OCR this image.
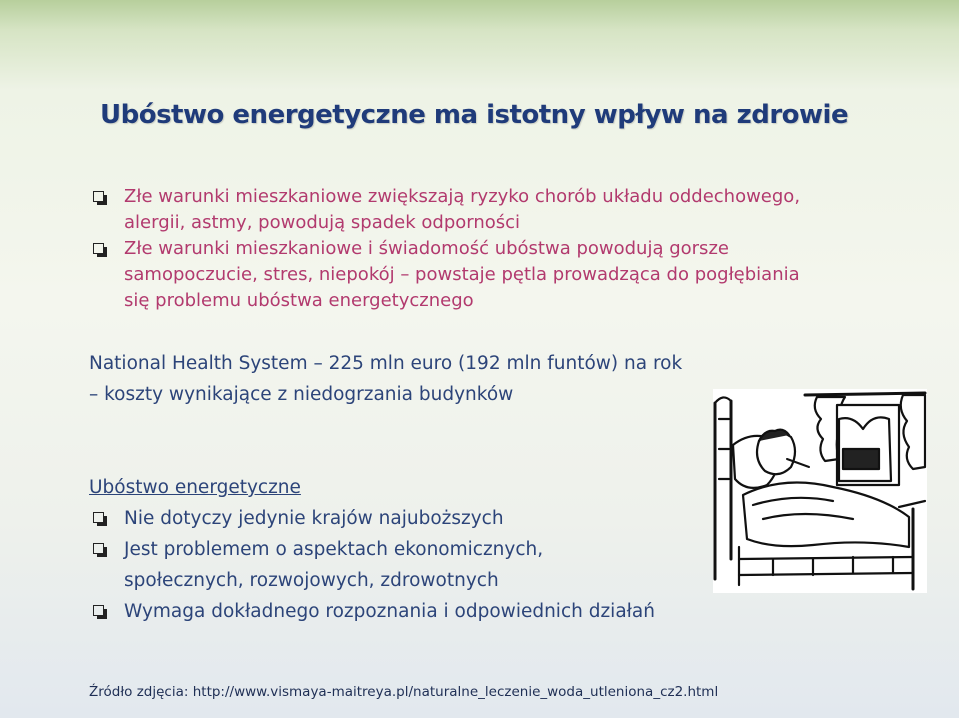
Ubóstwo energetyczne ma istotny wpływ na zdrowie
Złe warunki mieszkaniowe zwiększają ryzyko chorób układu oddechowego,
alergii, astmy, powodują spadek odporności
Złe warunki mieszkaniowe i świadomość ubóstwa powodują gorsze
samopoczucie, stres, niepokój – powstaje pętla prowadząca do pogłębiania
się problemu ubóstwa energetycznego

National Health System – 225 mln euro (192 mln funtów) na rok

– koszty wynikające z niedogrzania budynków

Ubóstwo energetyczne

Nie dotyczy jedynie krajów najuboższych
Jest problemem o aspektach ekonomicznych,
społecznych, rozwojowych, zdrowotnych
Wymaga dokładnego rozpoznania i odpowiednich działań
Źródło zdjęcia: http://www.vismaya-maitreya.pl/naturalne_leczenie_woda_utleniona_cz2.html
